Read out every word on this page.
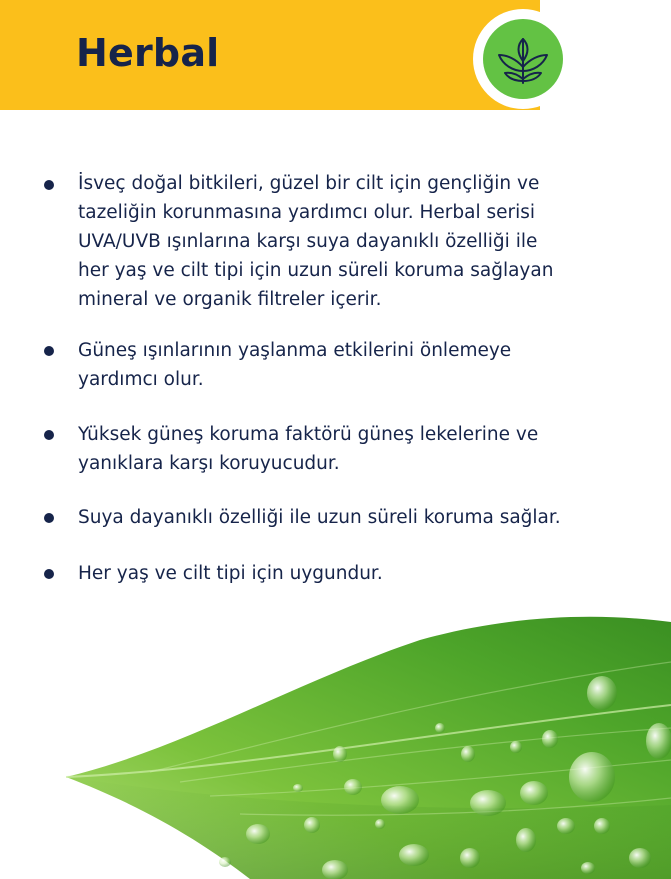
Herbal
İsveç doğal bitkileri, güzel bir cilt için gençliğin ve
tazeliğin korunmasına yardımcı olur. Herbal serisi
UVA/UVB ışınlarına karşı suya dayanıklı özelliği ile
her yaş ve cilt tipi için uzun süreli koruma sağlayan
mineral ve organik filtreler içerir.
Güneş ışınlarının yaşlanma etkilerini önlemeye
yardımcı olur.
Yüksek güneş koruma faktörü güneş lekelerine ve
yanıklara karşı koruyucudur.
Suya dayanıklı özelliği ile uzun süreli koruma sağlar.
Her yaş ve cilt tipi için uygundur.
